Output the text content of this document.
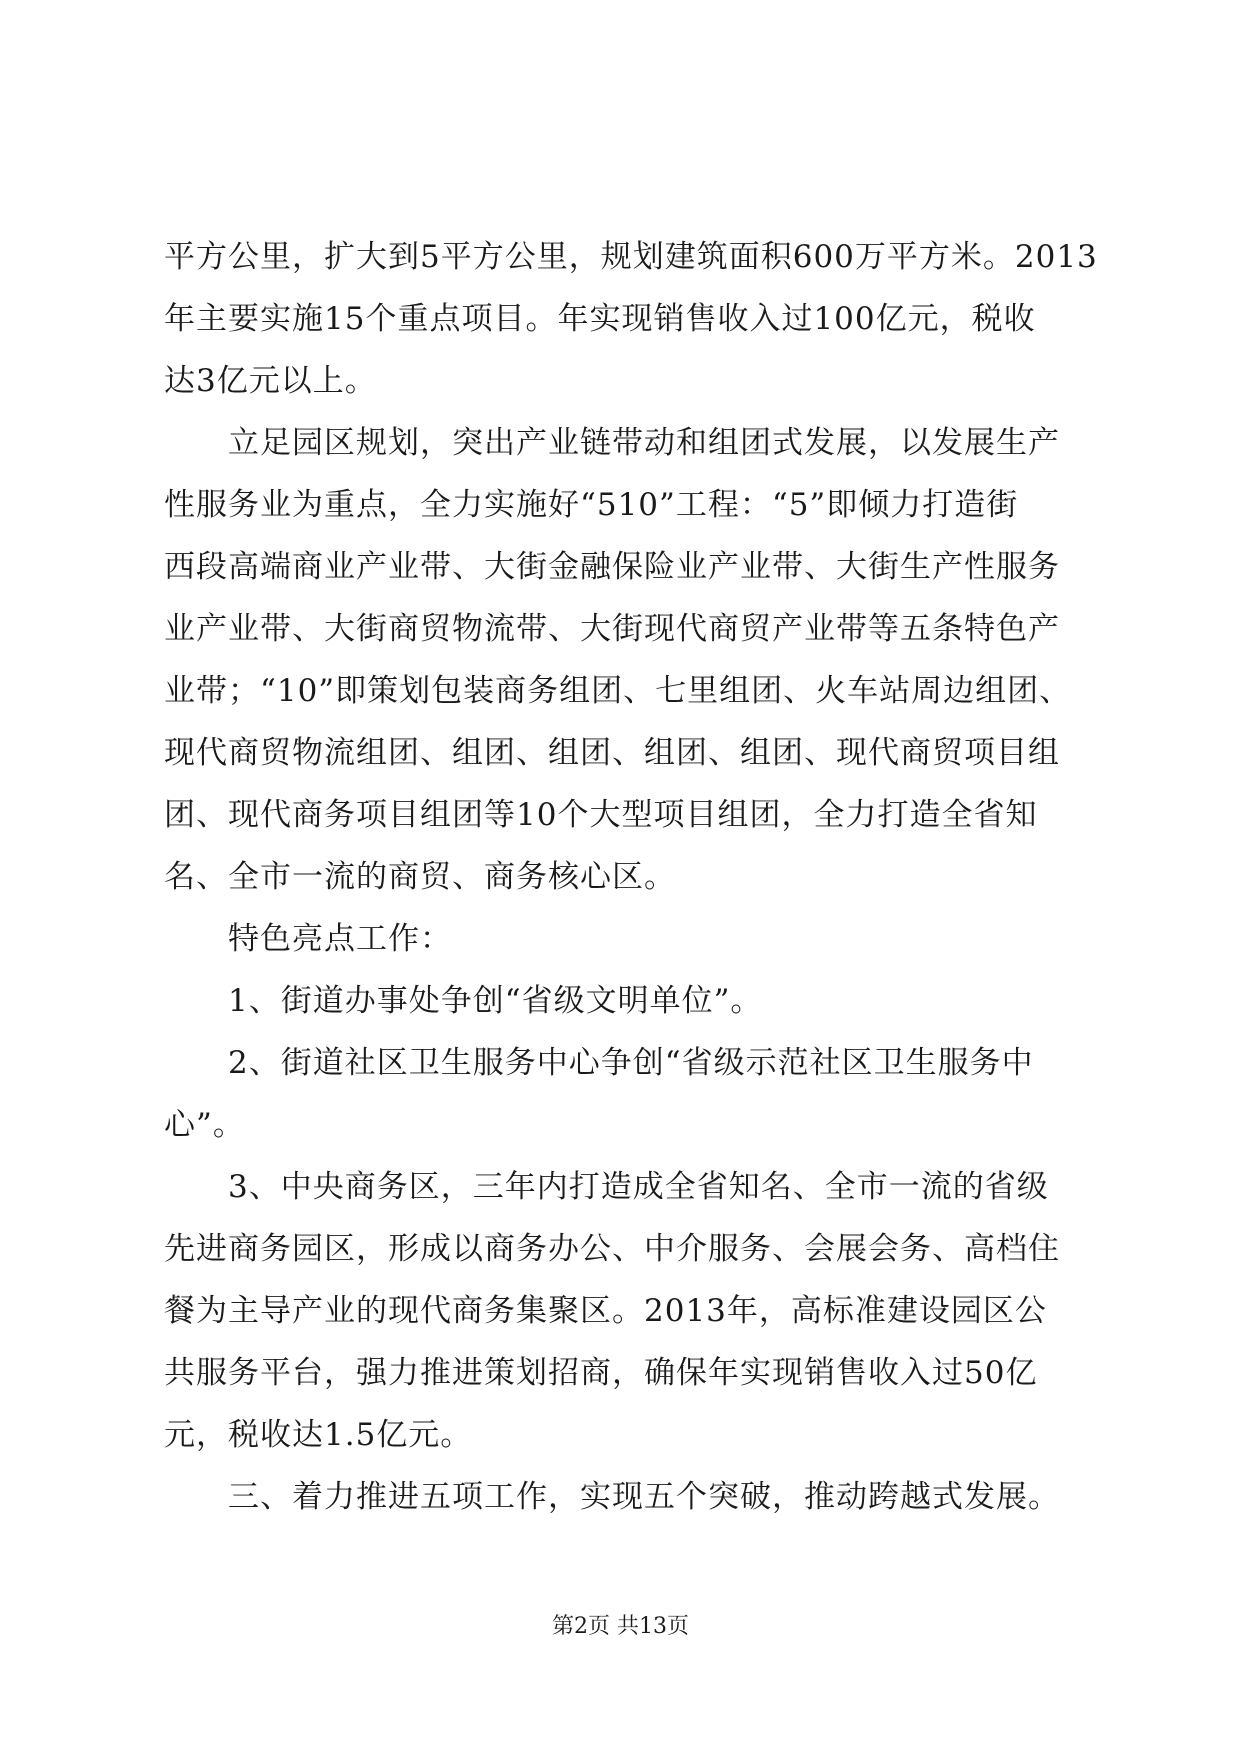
平方公里，扩大到5平方公里，规划建筑面积600万平方米。2013
年主要实施15个重点项目。年实现销售收入过100亿元，税收
达3亿元以上。
立足园区规划，突出产业链带动和组团式发展，以发展生产
性服务业为重点，全力实施好“510”工程：“5”即倾力打造街
西段高端商业产业带、大街金融保险业产业带、大街生产性服务
业产业带、大街商贸物流带、大街现代商贸产业带等五条特色产
业带；“10”即策划包装商务组团、七里组团、火车站周边组团、
现代商贸物流组团、组团、组团、组团、组团、现代商贸项目组
团、现代商务项目组团等10个大型项目组团，全力打造全省知
名、全市一流的商贸、商务核心区。
特色亮点工作：
1、街道办事处争创“省级文明单位”。
2、街道社区卫生服务中心争创“省级示范社区卫生服务中
心”。
3、中央商务区，三年内打造成全省知名、全市一流的省级
先进商务园区，形成以商务办公、中介服务、会展会务、高档住
餐为主导产业的现代商务集聚区。2013年，高标准建设园区公
共服务平台，强力推进策划招商，确保年实现销售收入过50亿
元，税收达1.5亿元。
三、着力推进五项工作，实现五个突破，推动跨越式发展。
第2页 共13页
